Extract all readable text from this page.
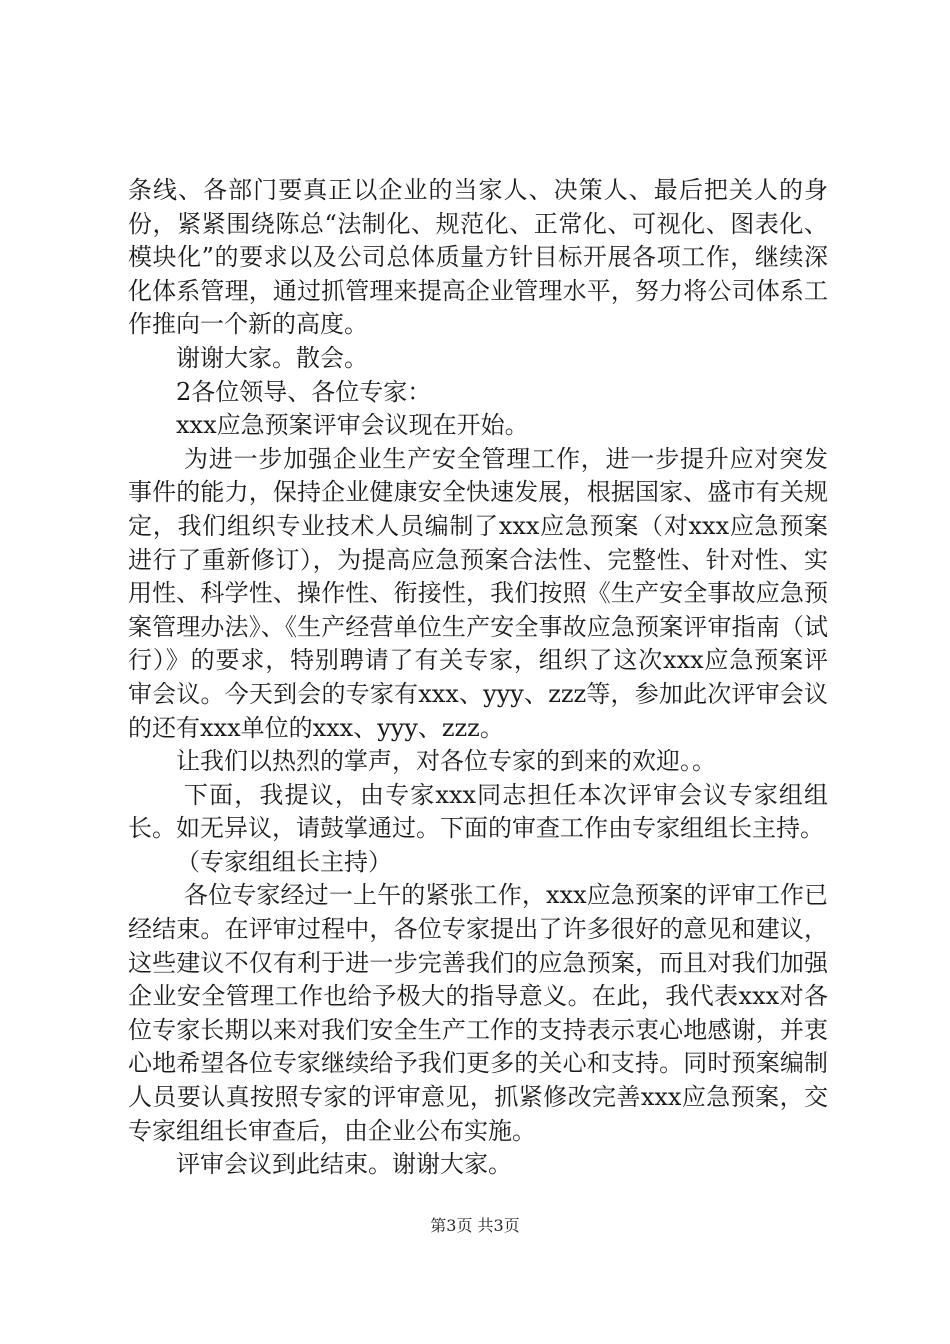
条线、各部门要真正以企业的当家人、决策人、最后把关人的身份，紧紧围绕陈总“法制化、规范化、正常化、可视化、图表化、模块化”的要求以及公司总体质量方针目标开展各项工作，继续深化体系管理，通过抓管理来提高企业管理水平，努力将公司体系工作推向一个新的高度。

谢谢大家。散会。

2各位领导、各位专家：

xxx应急预案评审会议现在开始。

为进一步加强企业生产安全管理工作，进一步提升应对突发事件的能力，保持企业健康安全快速发展，根据国家、盛市有关规定，我们组织专业技术人员编制了xxx应急预案（对xxx应急预案进行了重新修订），为提高应急预案合法性、完整性、针对性、实用性、科学性、操作性、衔接性，我们按照《生产安全事故应急预案管理办法》、《生产经营单位生产安全事故应急预案评审指南（试行）》的要求，特别聘请了有关专家，组织了这次xxx应急预案评审会议。今天到会的专家有xxx、yyy、zzz等，参加此次评审会议的还有xxx单位的xxx、yyy、zzz。

让我们以热烈的掌声，对各位专家的到来的欢迎。。

下面，我提议，由专家xxx同志担任本次评审会议专家组组长。如无异议，请鼓掌通过。下面的审查工作由专家组组长主持。

（专家组组长主持）

各位专家经过一上午的紧张工作，xxx应急预案的评审工作已经结束。在评审过程中，各位专家提出了许多很好的意见和建议，这些建议不仅有利于进一步完善我们的应急预案，而且对我们加强企业安全管理工作也给予极大的指导意义。在此，我代表xxx对各位专家长期以来对我们安全生产工作的支持表示衷心地感谢，并衷心地希望各位专家继续给予我们更多的关心和支持。同时预案编制人员要认真按照专家的评审意见，抓紧修改完善xxx应急预案，交专家组组长审查后，由企业公布实施。

评审会议到此结束。谢谢大家。

第3页 共3页
